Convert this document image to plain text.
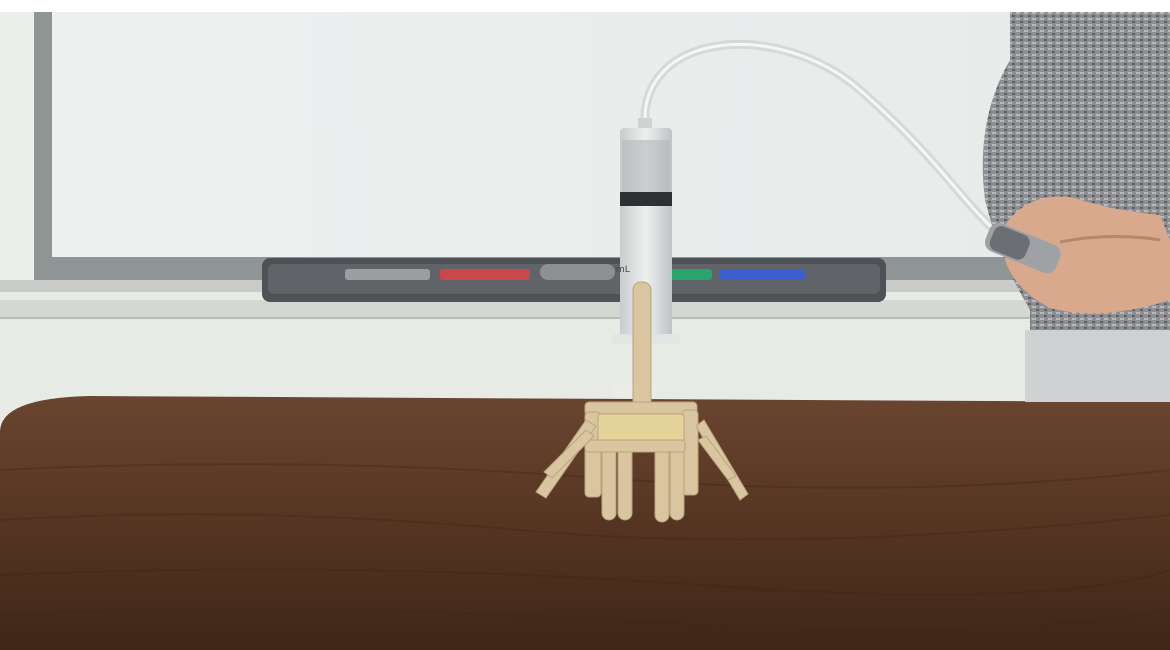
mL
